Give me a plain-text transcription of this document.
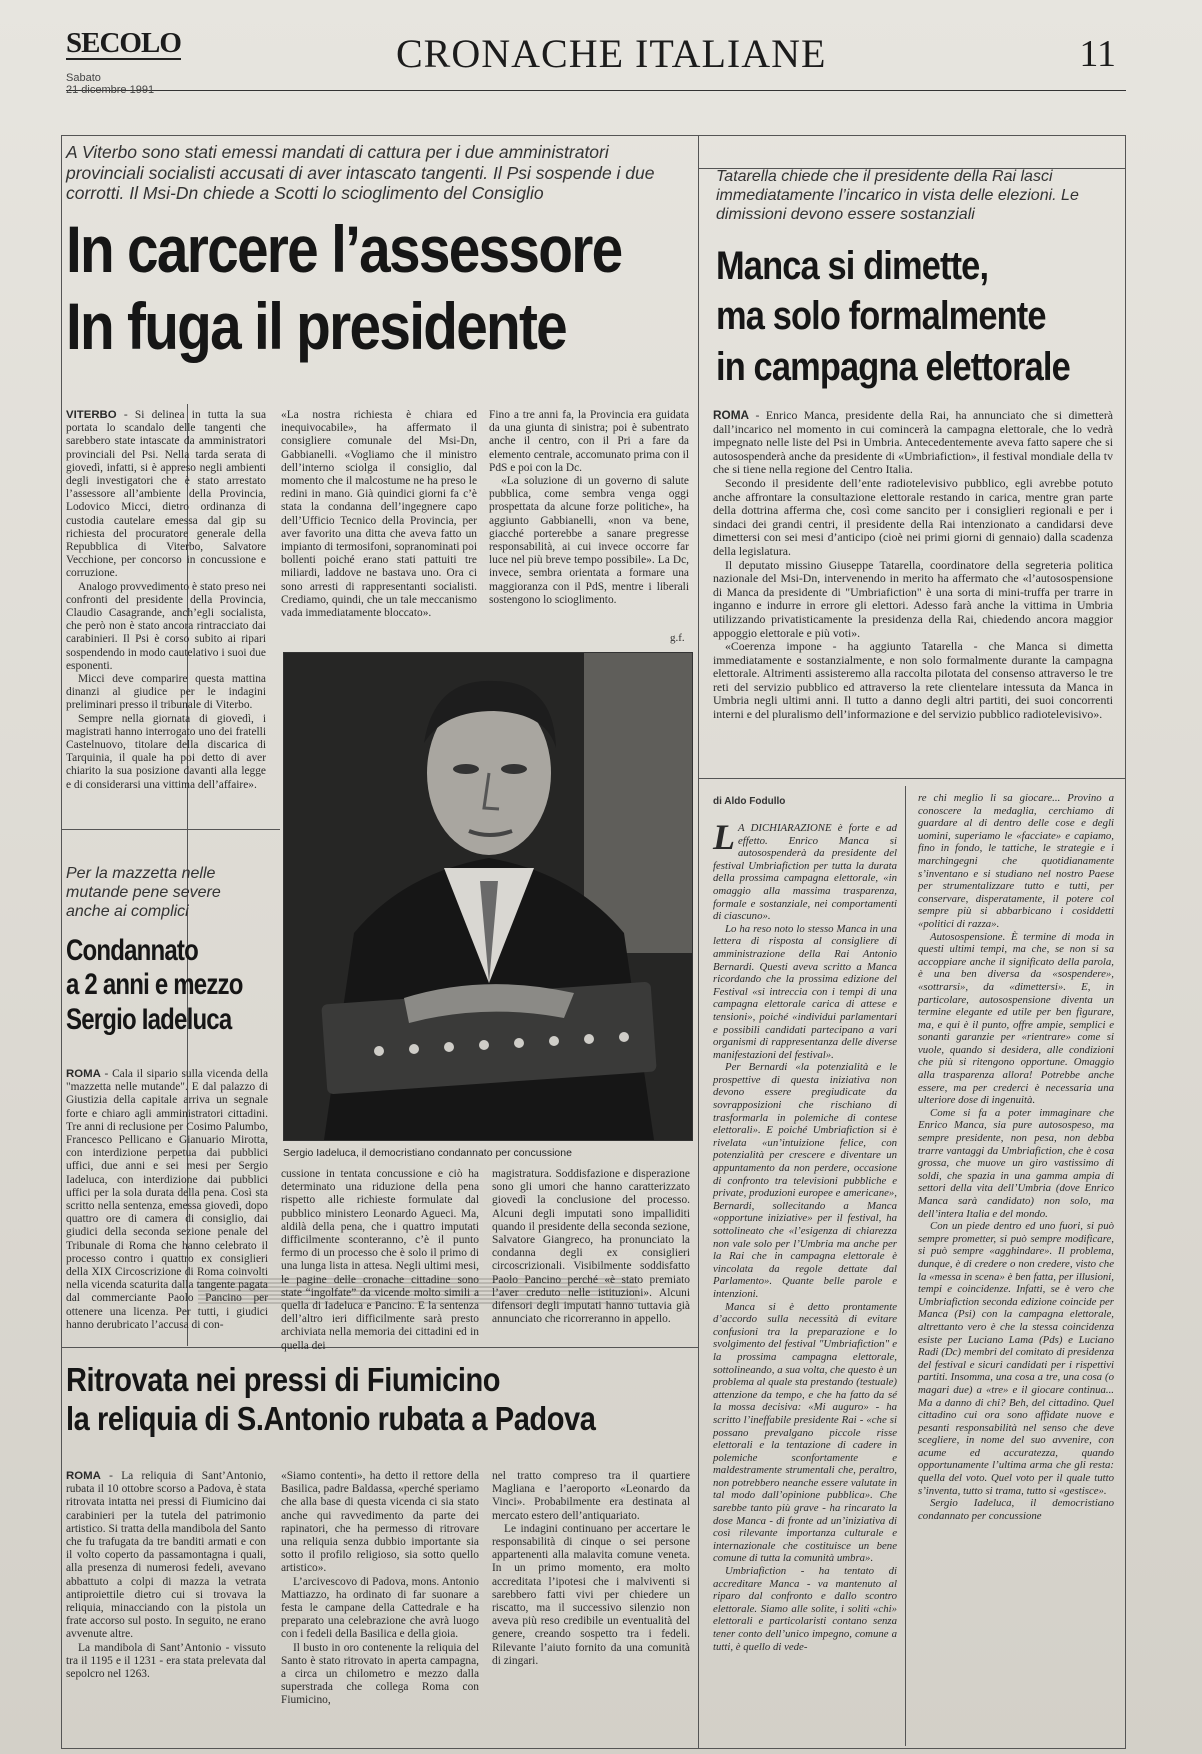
SECOLO
Sabato
21 dicembre 1991
CRONACHE ITALIANE	11
A Viterbo sono stati emessi mandati di cattura per i due amministratori provinciali socialisti accusati di aver intascato tangenti. Il Psi sospende i due corrotti. Il Msi-Dn chiede a Scotti lo scioglimento del Consiglio
In carcere l’assessore
In fuga il presidente

VITERBO - Si delinea in tutta la sua portata lo scandalo delle tangenti che sarebbero state intascate da amministratori provinciali del Psi. Nella tarda serata di giovedì, infatti, si è appreso negli ambienti degli investigatori che è stato arrestato l’assessore all’ambiente della Provincia, Lodovico Micci, dietro ordinanza di custodia cautelare emessa dal gip su richiesta del procuratore generale della Repubblica di Viterbo, Salvatore Vecchione, per concorso in concussione e corruzione.

Analogo provvedimento è stato preso nei confronti del presidente della Provincia, Claudio Casagrande, anch’egli socialista, che però non è stato ancora rintracciato dai carabinieri. Il Psi è corso subito ai ripari sospendendo in modo cautelativo i suoi due esponenti.

Micci deve comparire questa mattina dinanzi al giudice per le indagini preliminari presso il tribunale di Viterbo.

Sempre nella giornata di giovedì, i magistrati hanno interrogato uno dei fratelli Castelnuovo, titolare della discarica di Tarquinia, il quale ha poi detto di aver chiarito la sua posizione davanti alla legge e di considerarsi una vittima dell’affaire».

«La nostra richiesta è chiara ed inequivocabile», ha affermato il consigliere comunale del Msi-Dn, Gabbianelli. «Vogliamo che il ministro dell’interno sciolga il consiglio, dal momento che il malcostume ne ha preso le redini in mano. Già quindici giorni fa c’è stata la condanna dell’ingegnere capo dell’Ufficio Tecnico della Provincia, per aver favorito una ditta che aveva fatto un impianto di termosifoni, sopranominati poi bollenti poiché erano stati pattuiti tre miliardi, laddove ne bastava uno. Ora ci sono arresti di rappresentanti socialisti. Crediamo, quindi, che un tale meccanismo vada immediatamente bloccato».

Fino a tre anni fa, la Provincia era guidata da una giunta di sinistra; poi è subentrato anche il centro, con il Pri a fare da elemento centrale, accomunato prima con il PdS e poi con la Dc.

«La soluzione di un governo di salute pubblica, come sembra venga oggi prospettata da alcune forze politiche», ha aggiunto Gabbianelli, «non va bene, giacché porterebbe a sanare pregresse responsabilità, ai cui invece occorre far luce nel più breve tempo possibile». La Dc, invece, sembra orientata a formare una maggioranza con il PdS, mentre i liberali sostengono lo scioglimento.

g.f.
Sergio Iadeluca, il democristiano condannato per concussione
Per la mazzetta nelle mutande pene severe anche ai complici
Condannato
a 2 anni e mezzo
Sergio Iadeluca

ROMA - Cala il sipario sulla vicenda della "mazzetta nelle mutande". E dal palazzo di Giustizia della capitale arriva un segnale forte e chiaro agli amministratori cittadini. Tre anni di reclusione per Cosimo Palumbo, Francesco Pellicano e Gianuario Mirotta, con interdizione perpetua dai pubblici uffici, due anni e sei mesi per Sergio Iadeluca, con interdizione dai pubblici uffici per la sola durata della pena. Così sta scritto nella sentenza, emessa giovedì, dopo quattro ore di camera di consiglio, dai giudici della seconda sezione penale del Tribunale di Roma che hanno celebrato il processo contro i quattro ex consiglieri della XIX Circoscrizione di Roma coinvolti nella vicenda scaturita dalla tangente pagata dal commerciante Paolo Pancino per ottenere una licenza. Per tutti, i giudici hanno derubricato l’accusa di con-

cussione in tentata concussione e ciò ha determinato una riduzione della pena rispetto alle richieste formulate dal pubblico ministero Leonardo Agueci. Ma, aldilà della pena, che i quattro imputati difficilmente sconteranno, c’è il punto fermo di un processo che è solo il primo di una lunga lista in attesa. Negli ultimi mesi, le pagine delle cronache cittadine sono state “ingolfate” da vicende molto simili a quella di Iadeluca e Pancino. E la sentenza dell’altro ieri difficilmente sarà presto archiviata nella memoria dei cittadini ed in quella dei

magistratura. Soddisfazione e disperazione sono gli umori che hanno caratterizzato giovedì la conclusione del processo. Alcuni degli imputati sono impalliditi quando il presidente della seconda sezione, Salvatore Giangreco, ha pronunciato la condanna degli ex consiglieri circoscrizionali. Visibilmente soddisfatto Paolo Pancino perché «è stato premiato l’aver creduto nelle istituzioni». Alcuni difensori degli imputati hanno tuttavia già annunciato che ricorreranno in appello.

Ritrovata nei pressi di Fiumicino
la reliquia di S.Antonio rubata a Padova

ROMA - La reliquia di Sant’Antonio, rubata il 10 ottobre scorso a Padova, è stata ritrovata intatta nei pressi di Fiumicino dai carabinieri per la tutela del patrimonio artistico. Si tratta della mandibola del Santo che fu trafugata da tre banditi armati e con il volto coperto da passamontagna i quali, alla presenza di numerosi fedeli, avevano abbattuto a colpi di mazza la vetrata antiproiettile dietro cui si trovava la reliquia, minacciando con la pistola un frate accorso sul posto. In seguito, ne erano avvenute altre.

La mandibola di Sant’Antonio - vissuto tra il 1195 e il 1231 - era stata prelevata dal sepolcro nel 1263.

«Siamo contenti», ha detto il rettore della Basilica, padre Baldassa, «perché speriamo che alla base di questa vicenda ci sia stato anche qui ravvedimento da parte dei rapinatori, che ha permesso di ritrovare una reliquia senza dubbio importante sia sotto il profilo religioso, sia sotto quello artistico».

L’arcivescovo di Padova, mons. Antonio Mattiazzo, ha ordinato di far suonare a festa le campane della Cattedrale e ha preparato una celebrazione che avrà luogo con i fedeli della Basilica e della gioia.

Il busto in oro contenente la reliquia del Santo è stato ritrovato in aperta campagna, a circa un chilometro e mezzo dalla superstrada che collega Roma con Fiumicino,

nel tratto compreso tra il quartiere Magliana e l’aeroporto «Leonardo da Vinci». Probabilmente era destinata al mercato estero dell’antiquariato.

Le indagini continuano per accertare le responsabilità di cinque o sei persone appartenenti alla malavita comune veneta. In un primo momento, era molto accreditata l’ipotesi che i malviventi si sarebbero fatti vivi per chiedere un riscatto, ma il successivo silenzio non aveva più reso credibile un eventualità del genere, creando sospetto tra i fedeli. Rilevante l’aiuto fornito da una comunità di zingari.

Tatarella chiede che il presidente della Rai lasci immediatamente l’incarico in vista delle elezioni. Le dimissioni devono essere sostanziali
Manca si dimette,
ma solo formalmente
in campagna elettorale

ROMA - Enrico Manca, presidente della Rai, ha annunciato che si dimetterà dall’incarico nel momento in cui comincerà la campagna elettorale, che lo vedrà impegnato nelle liste del Psi in Umbria. Antecedentemente aveva fatto sapere che si autosospenderà anche da presidente di «Umbriafiction», il festival mondiale della tv che si tiene nella regione del Centro Italia.

Secondo il presidente dell’ente radiotelevisivo pubblico, egli avrebbe potuto anche affrontare la consultazione elettorale restando in carica, mentre gran parte della dottrina afferma che, così come sancito per i consiglieri regionali e per i sindaci dei grandi centri, il presidente della Rai intenzionato a candidarsi deve dimettersi con sei mesi d’anticipo (cioè nei primi giorni di gennaio) dalla scadenza della legislatura.

Il deputato missino Giuseppe Tatarella, coordinatore della segreteria politica nazionale del Msi-Dn, intervenendo in merito ha affermato che «l’autosospensione di Manca da presidente di "Umbriafiction" è una sorta di mini-truffa per trarre in inganno e indurre in errore gli elettori. Adesso farà anche la vittima in Umbria utilizzando privatisticamente la presidenza della Rai, chiedendo ancora maggior appoggio elettorale e più voti».

«Coerenza impone - ha aggiunto Tatarella - che Manca si dimetta immediatamente e sostanzialmente, e non solo formalmente durante la campagna elettorale. Altrimenti assisteremo alla raccolta pilotata del consenso attraverso le tre reti del servizio pubblico ed attraverso la rete clientelare intessuta da Manca in Umbria negli ultimi anni. Il tutto a danno degli altri partiti, dei suoi concorrenti interni e del pluralismo dell’informazione e del servizio pubblico radiotelevisivo».

di Aldo Fodullo

L A DICHIARAZIONE è forte e ad effetto. Enrico Manca si autosospenderà da presidente del festival Umbriafiction per tutta la durata della prossima campagna elettorale, «in omaggio alla massima trasparenza, formale e sostanziale, nei comportamenti di ciascuno».

Lo ha reso noto lo stesso Manca in una lettera di risposta al consigliere di amministrazione della Rai Antonio Bernardi. Questi aveva scritto a Manca ricordando che la prossima edizione del Festival «si intreccia con i tempi di una campagna elettorale carica di attese e tensioni», poiché «individui parlamentari e possibili candidati partecipano a vari organismi di rappresentanza delle diverse manifestazioni del festival».

Per Bernardi «la potenzialità e le prospettive di questa iniziativa non devono essere pregiudicate da sovrapposizioni che rischiano di trasformarla in polemiche di contese elettorali». E poiché Umbriafiction si è rivelata «un’intuizione felice, con potenzialità per crescere e diventare un appuntamento da non perdere, occasione di confronto tra televisioni pubbliche e private, produzioni europee e americane», Bernardi, sollecitando a Manca «opportune iniziative» per il festival, ha sottolineato che «l’esigenza di chiarezza non vale solo per l’Umbria ma anche per la Rai che in campagna elettorale è vincolata da regole dettate dal Parlamento». Quante belle parole e intenzioni.

Manca si è detto prontamente d’accordo sulla necessità di evitare confusioni tra la preparazione e lo svolgimento del festival "Umbriafiction" e la prossima campagna elettorale, sottolineando, a sua volta, che questo è un problema al quale sta prestando (testuale) attenzione da tempo, e che ha fatto da sé la mossa decisiva: «Mi auguro» - ha scritto l’ineffabile presidente Rai - «che si possano prevalgano piccole risse elettorali e la tentazione di cadere in polemiche sconfortamente e maldestramente strumentali che, peraltro, non potrebbero neanche essere valutate in tal modo dall’opinione pubblica». Che sarebbe tanto più grave - ha rincarato la dose Manca - di fronte ad un’iniziativa di così rilevante importanza culturale e internazionale che costituisce un bene comune di tutta la comunità umbra».

Umbriafiction - ha tentato di accreditare Manca - va mantenuto al riparo dal confronto e dallo scontro elettorale. Siamo alle solite, i soliti «chi» elettorali e particolaristi contano senza tener conto dell’unico impegno, comune a tutti, è quello di vede-

re chi meglio li sa giocare... Provino a conoscere la medaglia, cerchiamo di guardare al di dentro delle cose e degli uomini, superiamo le «facciate» e capiamo, fino in fondo, le tattiche, le strategie e i marchingegni che quotidianamente s’inventano e si studiano nel nostro Paese per strumentalizzare tutto e tutti, per conservare, disperatamente, il potere col sempre più si abbarbicano i cosiddetti «politici di razza».

Autosospensione. È termine di moda in questi ultimi tempi, ma che, se non si sa accoppiare anche il significato della parola, è una ben diversa da «sospendere», «sottrarsi», da «dimettersi». E, in particolare, autosospensione diventa un termine elegante ed utile per ben figurare, ma, e qui è il punto, offre ampie, semplici e sonanti garanzie per «rientrare» come si vuole, quando si desidera, alle condizioni che più si ritengono opportune. Omaggio alla trasparenza allora! Potrebbe anche essere, ma per crederci è necessaria una ulteriore dose di ingenuità.

Come si fa a poter immaginare che Enrico Manca, sia pure autosospeso, ma sempre presidente, non pesa, non debba trarre vantaggi da Umbriafiction, che è cosa grossa, che muove un giro vastissimo di soldi, che spazia in una gamma ampia di settori della vita dell’Umbria (dove Enrico Manca sarà candidato) non solo, ma dell’intera Italia e del mondo.

Con un piede dentro ed uno fuori, si può sempre prometter, si può sempre modificare, si può sempre «agghindare». Il problema, dunque, è di credere o non credere, visto che la «messa in scena» è ben fatta, per illusioni, tempi e coincidenze. Infatti, se è vero che Umbriafiction seconda edizione coincide per Manca (Psi) con la campagna elettorale, altrettanto vero è che la stessa coincidenza esiste per Luciano Lama (Pds) e Luciano Radi (Dc) membri del comitato di presidenza del festival e sicuri candidati per i rispettivi partiti. Insomma, una cosa a tre, una cosa (o magari due) a «tre» e il giocare continua... Ma a danno di chi? Beh, del cittadino. Quel cittadino cui ora sono affidate nuove e pesanti responsabilità nel senso che deve scegliere, in nome del suo avvenire, con acume ed accuratezza, quando opportunamente l’ultima arma che gli resta: quella del voto. Quel voto per il quale tutto s’inventa, tutto si trama, tutto si «gestisce».

Sergio Iadeluca, il democristiano condannato per concussione
